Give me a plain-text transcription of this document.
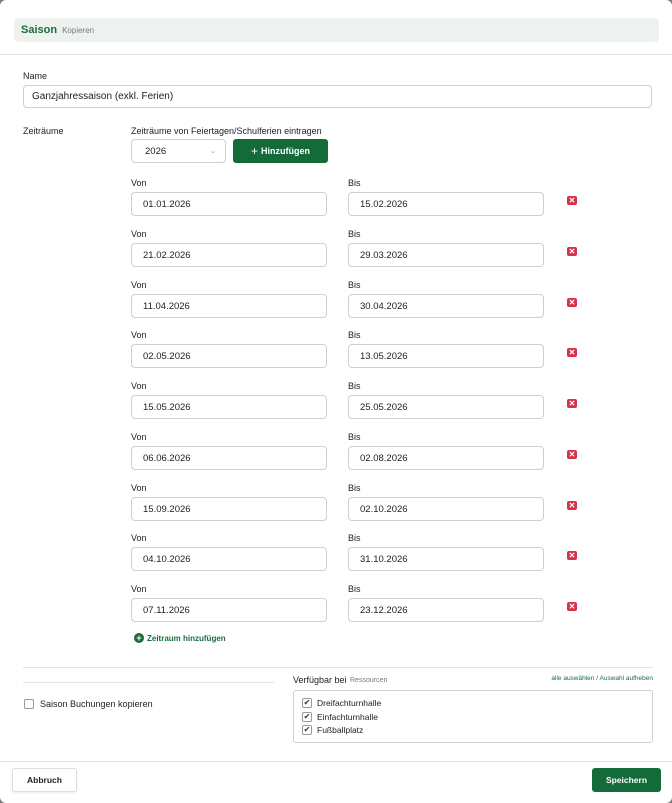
Saison Kopieren
Name
Ganzjahressaison (exkl. Ferien)
Zeiträume	Zeiträume von Feiertagen/Schulferien eintragen
2026	⌄	+ Hinzufügen
Von	Bis
01.01.2026	15.02.2026	✕
Von	Bis
21.02.2026	29.03.2026	✕
Von	Bis
11.04.2026	30.04.2026	✕
Von	Bis
02.05.2026	13.05.2026	✕
Von	Bis
15.05.2026	25.05.2026	✕
Von	Bis
06.06.2026	02.08.2026	✕
Von	Bis
15.09.2026	02.10.2026	✕
Von	Bis
04.10.2026	31.10.2026	✕
Von	Bis
07.11.2026	23.12.2026	✕
+ Zeitraum hinzufügen
Saison Buchungen kopieren
Verfügbar bei Ressourcen	alle auswählen / Auswahl aufheben
✔ Dreifachturnhalle
✔ Einfachturnhalle
✔ Fußballplatz
Abbruch	Speichern
